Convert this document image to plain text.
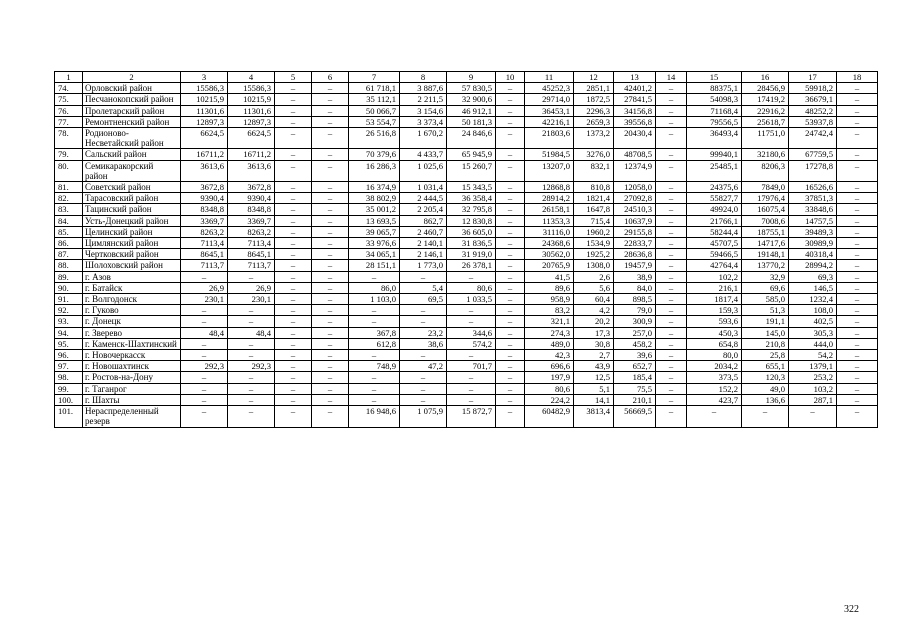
1	2	3	4	5	6	7	8	9	10	11	12	13	14	15	16	17	18
74.	Орловский район	15586,3	15586,3	–	–	61 718,1	3 887,6	57 830,5	–	45252,3	2851,1	42401,2	–	88375,1	28456,9	59918,2	–
75.	Песчанокопский район	10215,9	10215,9	–	–	35 112,1	2 211,5	32 900,6	–	29714,0	1872,5	27841,5	–	54098,3	17419,2	36679,1	–
76.	Пролетарский район	11301,6	11301,6	–	–	50 066,7	3 154,6	46 912,1	–	36453,1	2296,3	34156,8	–	71168,4	22916,2	48252,2	–
77.	Ремонтненский район	12897,3	12897,3	–	–	53 554,7	3 373,4	50 181,3	–	42216,1	2659,3	39556,8	–	79556,5	25618,7	53937,8	–
78.	Родионово-Несветайский район	6624,5	6624,5	–	–	26 516,8	1 670,2	24 846,6	–	21803,6	1373,2	20430,4	–	36493,4	11751,0	24742,4	–
79.	Сальский район	16711,2	16711,2	–	–	70 379,6	4 433,7	65 945,9	–	51984,5	3276,0	48708,5	–	99940,1	32180,6	67759,5	–
80.	Семикаракорский район	3613,6	3613,6	–	–	16 286,3	1 025,6	15 260,7	–	13207,0	832,1	12374,9	–	25485,1	8206,3	17278,8	–
81.	Советский район	3672,8	3672,8	–	–	16 374,9	1 031,4	15 343,5	–	12868,8	810,8	12058,0	–	24375,6	7849,0	16526,6	–
82.	Тарасовский район	9390,4	9390,4	–	–	38 802,9	2 444,5	36 358,4	–	28914,2	1821,4	27092,8	–	55827,7	17976,4	37851,3	–
83.	Тацинский район	8348,8	8348,8	–	–	35 001,2	2 205,4	32 795,8	–	26158,1	1647,8	24510,3	–	49924,0	16075,4	33848,6	–
84.	Усть-Донецкий район	3369,7	3369,7	–	–	13 693,5	862,7	12 830,8	–	11353,3	715,4	10637,9	–	21766,1	7008,6	14757,5	–
85.	Целинский район	8263,2	8263,2	–	–	39 065,7	2 460,7	36 605,0	–	31116,0	1960,2	29155,8	–	58244,4	18755,1	39489,3	–
86.	Цимлянский район	7113,4	7113,4	–	–	33 976,6	2 140,1	31 836,5	–	24368,6	1534,9	22833,7	–	45707,5	14717,6	30989,9	–
87.	Чертковский район	8645,1	8645,1	–	–	34 065,1	2 146,1	31 919,0	–	30562,0	1925,2	28636,8	–	59466,5	19148,1	40318,4	–
88.	Шолоховский район	7113,7	7113,7	–	–	28 151,1	1 773,0	26 378,1	–	20765,9	1308,0	19457,9	–	42764,4	13770,2	28994,2	–
89.	г. Азов	–	–	–	–	–	–	–	–	41,5	2,6	38,9	–	102,2	32,9	69,3	–
90.	г. Батайск	26,9	26,9	–	–	86,0	5,4	80,6	–	89,6	5,6	84,0	–	216,1	69,6	146,5	–
91.	г. Волгодонск	230,1	230,1	–	–	1 103,0	69,5	1 033,5	–	958,9	60,4	898,5	–	1817,4	585,0	1232,4	–
92.	г. Гуково	–	–	–	–	–	–	–	–	83,2	4,2	79,0	–	159,3	51,3	108,0	–
93.	г. Донецк	–	–	–	–	–	–	–	–	321,1	20,2	300,9	–	593,6	191,1	402,5	–
94.	г. Зверево	48,4	48,4	–	–	367,8	23,2	344,6	–	274,3	17,3	257,0	–	450,3	145,0	305,3	–
95.	г. Каменск-Шахтинский	–	–	–	–	612,8	38,6	574,2	–	489,0	30,8	458,2	–	654,8	210,8	444,0	–
96.	г. Новочеркасск	–	–	–	–	–	–	–	–	42,3	2,7	39,6	–	80,0	25,8	54,2	–
97.	г. Новошахтинск	292,3	292,3	–	–	748,9	47,2	701,7	–	696,6	43,9	652,7	–	2034,2	655,1	1379,1	–
98.	г. Ростов-на-Дону	–	–	–	–	–	–	–	–	197,9	12,5	185,4	–	373,5	120,3	253,2	–
99.	г. Таганрог	–	–	–	–	–	–	–	–	80,6	5,1	75,5	–	152,2	49,0	103,2	–
100.	г. Шахты	–	–	–	–	–	–	–	–	224,2	14,1	210,1	–	423,7	136,6	287,1	–
101.	Нераспределенный резерв	–	–	–	–	16 948,6	1 075,9	15 872,7	–	60482,9	3813,4	56669,5	–	–	–	–	–
322
